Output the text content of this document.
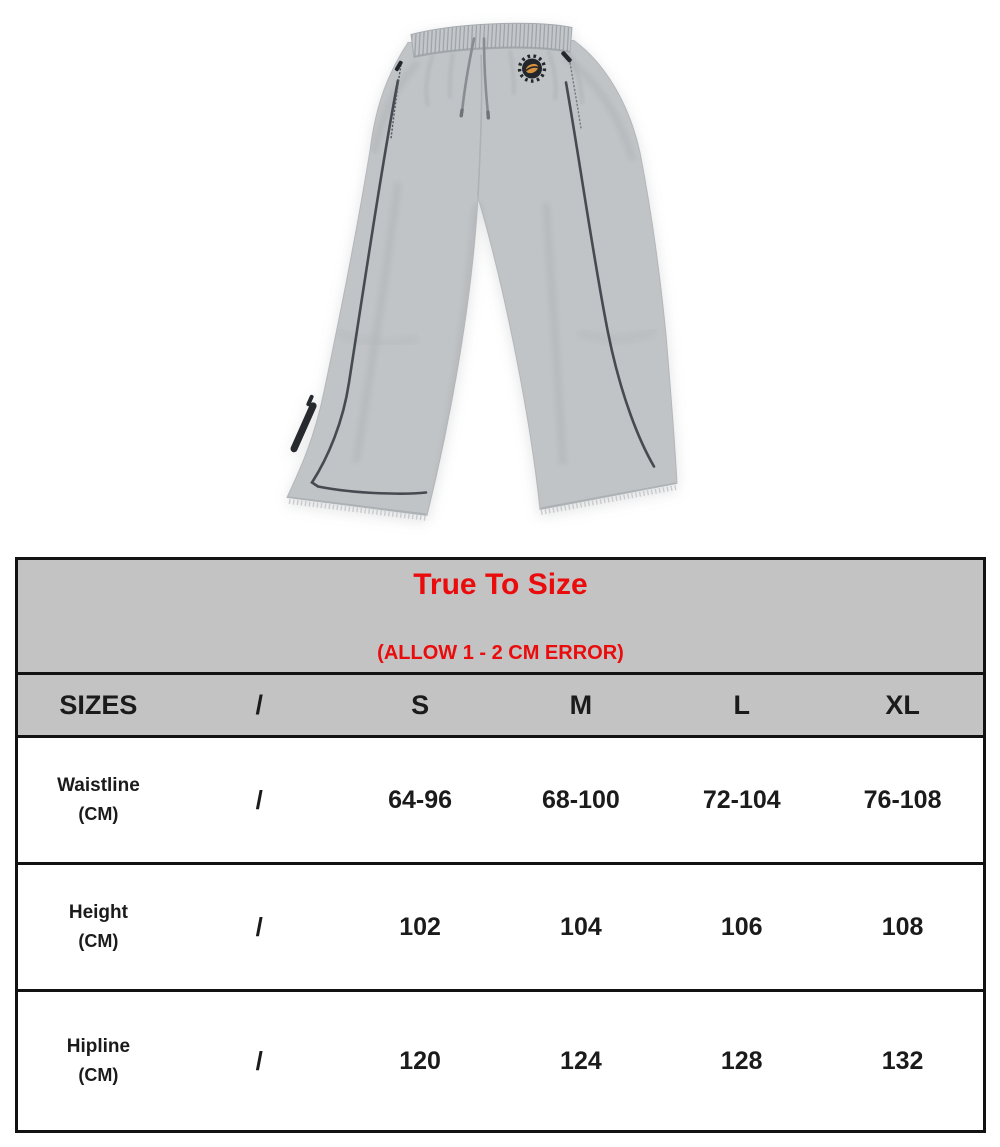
True To Size
(ALLOW 1 - 2 CM ERROR)
SIZES	/	S	M	L	XL
Waistline
(CM)	/	64-96	68-100	72-104	76-108
Height
(CM)	/	102	104	106	108
Hipline
(CM)	/	120	124	128	132
